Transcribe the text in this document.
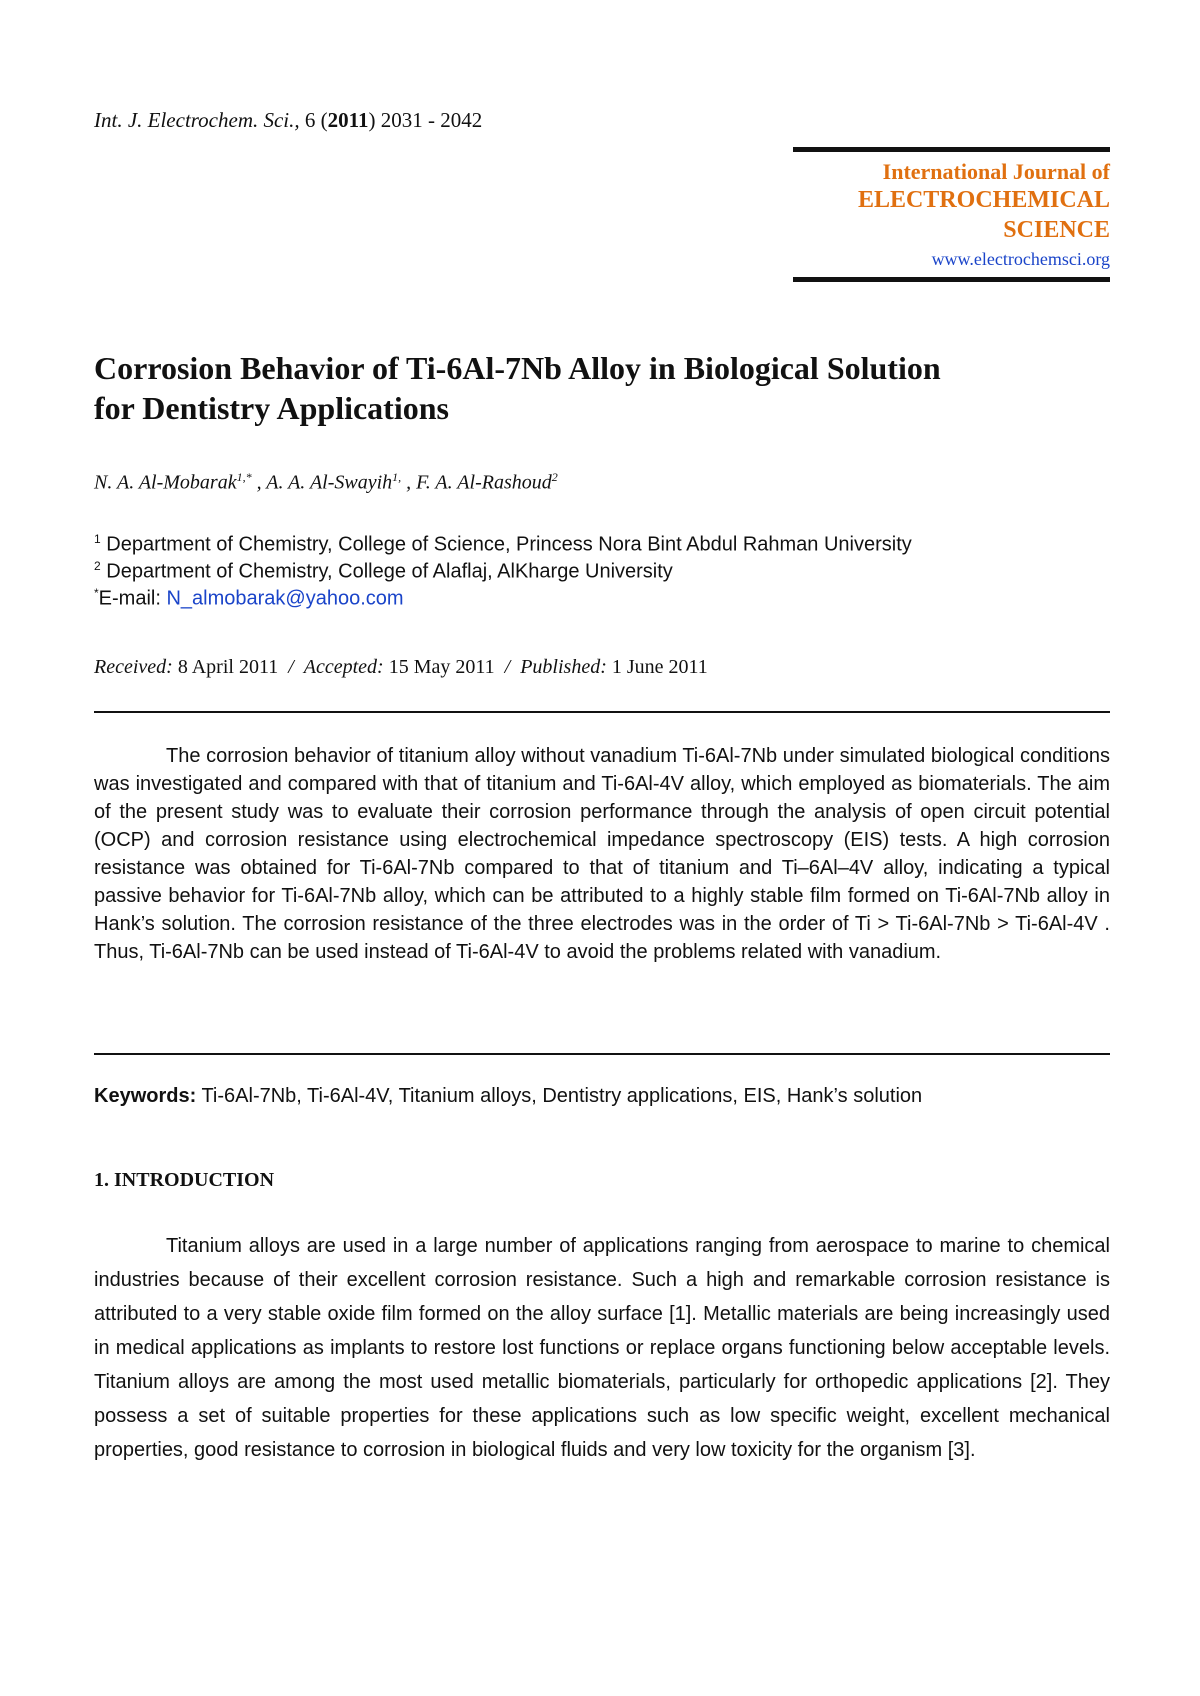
Int. J. Electrochem. Sci., 6 (2011) 2031 - 2042
International Journal of
ELECTROCHEMICAL
SCIENCE
www.electrochemsci.org
Corrosion Behavior of Ti-6Al-7Nb Alloy in Biological Solution
for Dentistry Applications
N. A. Al-Mobarak$^{1,*}$ , A. A. Al-Swayih$^{1,}$ , F. A. Al-Rashoud$^2$
$^1$ Department of Chemistry, College of Science, Princess Nora Bint Abdul Rahman University
$^2$ Department of Chemistry, College of Alaflaj, AlKharge University
*E-mail: N_almobarak@yahoo.com
Received: 8 April 2011 / Accepted: 15 May 2011 / Published: 1 June 2011
The corrosion behavior of titanium alloy without vanadium Ti-6Al-7Nb under simulated biological conditions was investigated and compared with that of titanium and Ti-6Al-4V alloy, which employed as biomaterials. The aim of the present study was to evaluate their corrosion performance through the analysis of open circuit potential (OCP) and corrosion resistance using electrochemical impedance spectroscopy (EIS) tests. A high corrosion resistance was obtained for Ti-6Al-7Nb compared to that of titanium and Ti–6Al–4V alloy, indicating a typical passive behavior for Ti-6Al-7Nb alloy, which can be attributed to a highly stable film formed on Ti-6Al-7Nb alloy in Hank’s solution. The corrosion resistance of the three electrodes was in the order of Ti > Ti-6Al-7Nb > Ti-6Al-4V . Thus, Ti-6Al-7Nb can be used instead of Ti-6Al-4V to avoid the problems related with vanadium.
Keywords: Ti-6Al-7Nb, Ti-6Al-4V, Titanium alloys, Dentistry applications, EIS, Hank’s solution
1. INTRODUCTION
Titanium alloys are used in a large number of applications ranging from aerospace to marine to chemical industries because of their excellent corrosion resistance. Such a high and remarkable corrosion resistance is attributed to a very stable oxide film formed on the alloy surface [1]. Metallic materials are being increasingly used in medical applications as implants to restore lost functions or replace organs functioning below acceptable levels. Titanium alloys are among the most used metallic biomaterials, particularly for orthopedic applications [2]. They possess a set of suitable properties for these applications such as low specific weight, excellent mechanical properties, good resistance to corrosion in biological fluids and very low toxicity for the organism [3].
